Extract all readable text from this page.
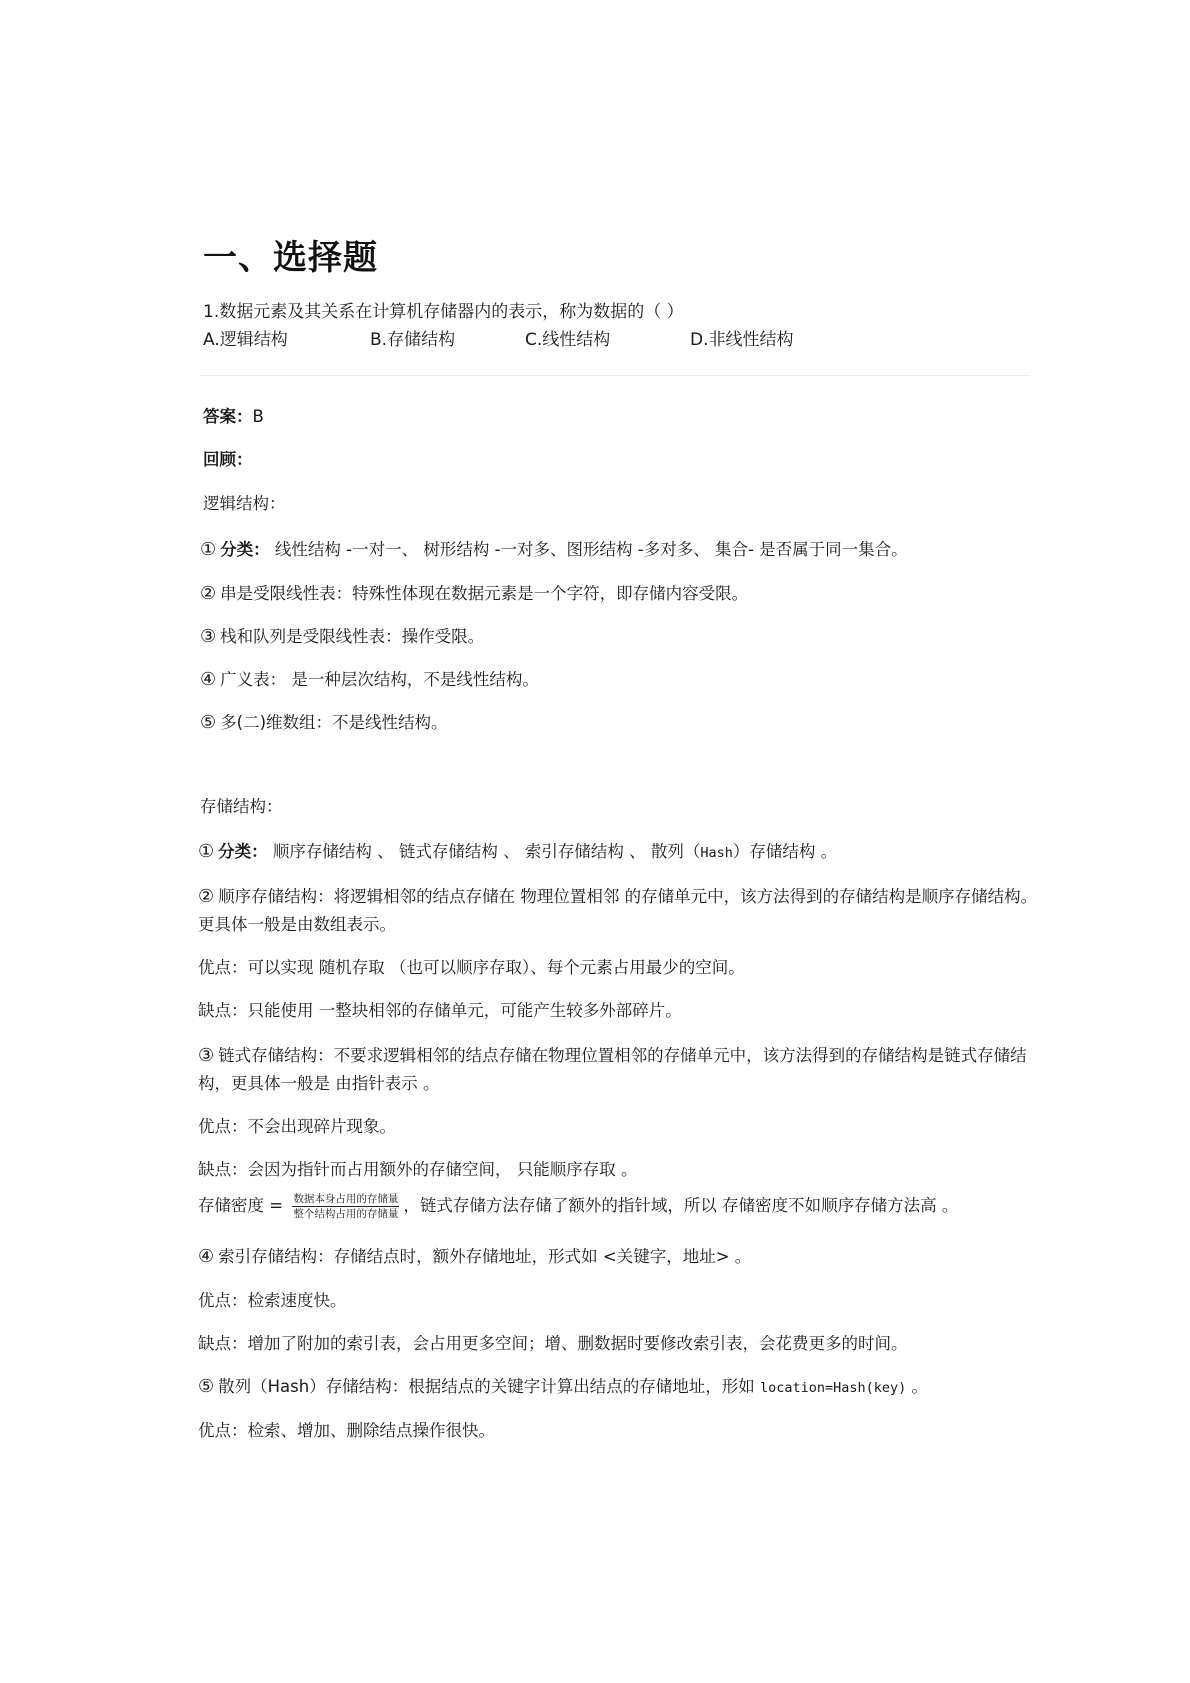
一、选择题
1.数据元素及其关系在计算机存储器内的表示，称为数据的（ ）
A.逻辑结构	B.存储结构	C.线性结构	D.非线性结构
答案：B
回顾：
逻辑结构：
① 分类： 线性结构 -一对一、 树形结构 -一对多、图形结构 -多对多、 集合- 是否属于同一集合。
② 串是受限线性表：特殊性体现在数据元素是一个字符，即存储内容受限。
③ 栈和队列是受限线性表：操作受限。
④ 广义表： 是一种层次结构，不是线性结构。
⑤ 多(二)维数组：不是线性结构。
存储结构：
① 分类： 顺序存储结构 、 链式存储结构 、 索引存储结构 、 散列（Hash）存储结构 。
② 顺序存储结构：将逻辑相邻的结点存储在 物理位置相邻 的存储单元中，该方法得到的存储结构是顺序存储结构。
更具体一般是由数组表示。
优点：可以实现 随机存取 （也可以顺序存取）、每个元素占用最少的空间。
缺点：只能使用 一整块相邻的存储单元，可能产生较多外部碎片。
③ 链式存储结构：不要求逻辑相邻的结点存储在物理位置相邻的存储单元中，该方法得到的存储结构是链式存储结
构，更具体一般是 由指针表示 。
优点：不会出现碎片现象。
缺点：会因为指针而占用额外的存储空间， 只能顺序存取 。
存储密度 = $\frac{\text{数据本身占用的存储量}}{\text{整个结构占用的存储量}}$ ，链式存储方法存储了额外的指针域，所以 存储密度不如顺序存储方法高 。
④ 索引存储结构：存储结点时，额外存储地址，形式如 <关键字，地址> 。
优点：检索速度快。
缺点：增加了附加的索引表，会占用更多空间；增、删数据时要修改索引表，会花费更多的时间。
⑤ 散列（Hash）存储结构：根据结点的关键字计算出结点的存储地址，形如 location=Hash(key) 。
优点：检索、增加、删除结点操作很快。
